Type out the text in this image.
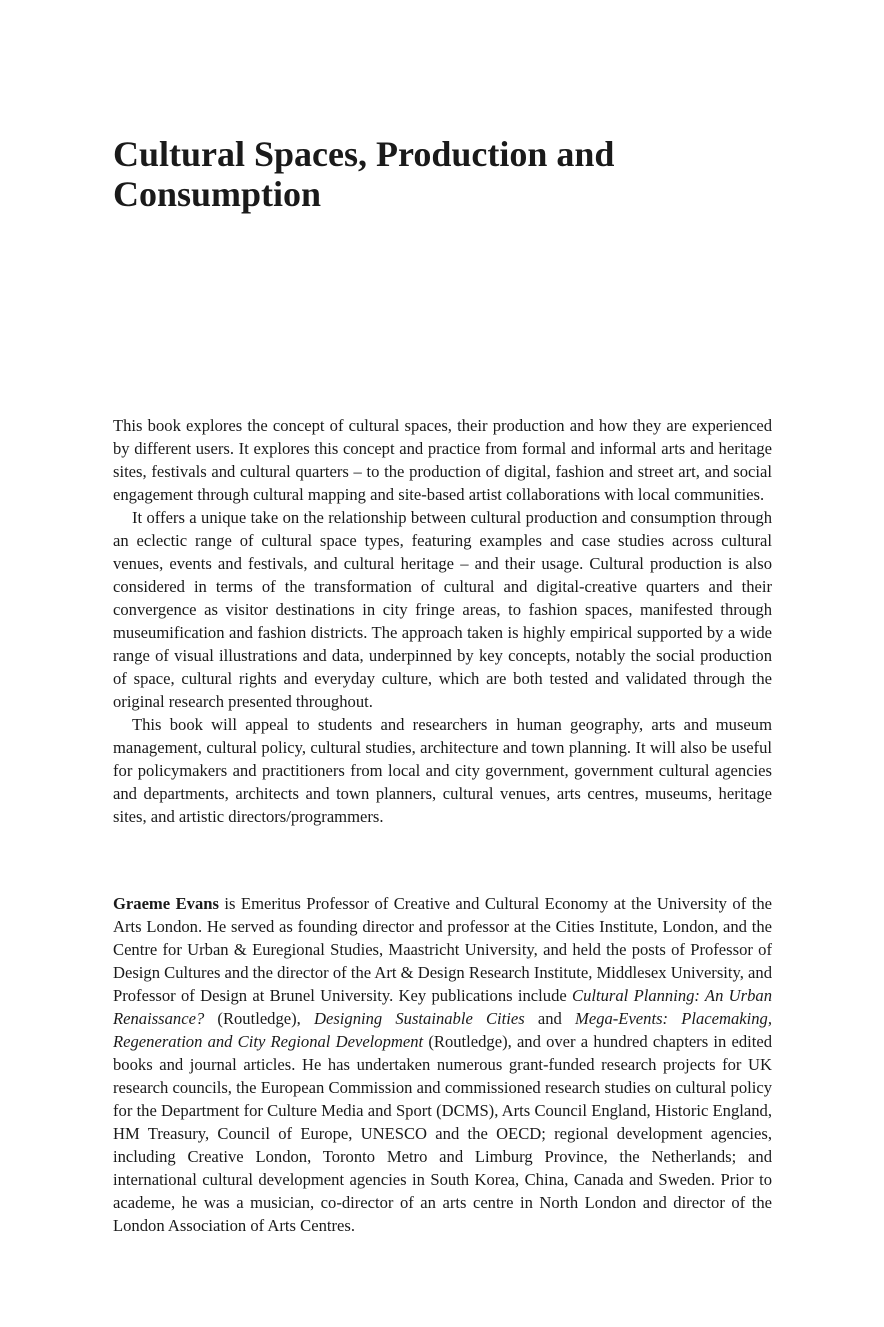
Cultural Spaces, Production and Consumption

This book explores the concept of cultural spaces, their production and how they are experienced by different users. It explores this concept and practice from formal and informal arts and heritage sites, festivals and cultural quarters – to the production of digital, fashion and street art, and social engagement through cultural mapping and site-based artist collaborations with local communities.

It offers a unique take on the relationship between cultural production and consumption through an eclectic range of cultural space types, featuring examples and case studies across cultural venues, events and festivals, and cultural heritage – and their usage. Cultural production is also considered in terms of the transformation of cultural and digital-creative quarters and their convergence as visitor destinations in city fringe areas, to fashion spaces, manifested through museumification and fashion districts. The approach taken is highly empirical supported by a wide range of visual illustrations and data, underpinned by key concepts, notably the social production of space, cultural rights and everyday culture, which are both tested and validated through the original research presented throughout.

This book will appeal to students and researchers in human geography, arts and museum management, cultural policy, cultural studies, architecture and town planning. It will also be useful for policymakers and practitioners from local and city government, government cultural agencies and departments, architects and town planners, cultural venues, arts centres, museums, heritage sites, and artistic directors/programmers.

Graeme Evans is Emeritus Professor of Creative and Cultural Economy at the University of the Arts London. He served as founding director and professor at the Cities Institute, London, and the Centre for Urban & Euregional Studies, Maastricht University, and held the posts of Professor of Design Cultures and the director of the Art & Design Research Institute, Middlesex University, and Professor of Design at Brunel University. Key publications include Cultural Planning: An Urban Renaissance? (Routledge), Designing Sustainable Cities and Mega-Events: Placemaking, Regeneration and City Regional Development (Routledge), and over a hundred chapters in edited books and journal articles. He has undertaken numerous grant-funded research projects for UK research councils, the European Commission and commissioned research studies on cultural policy for the Department for Culture Media and Sport (DCMS), Arts Council England, Historic England, HM Treasury, Council of Europe, UNESCO and the OECD; regional development agencies, including Creative London, Toronto Metro and Limburg Province, the Netherlands; and international cultural development agencies in South Korea, China, Canada and Sweden. Prior to academe, he was a musician, co-director of an arts centre in North London and director of the London Association of Arts Centres.
